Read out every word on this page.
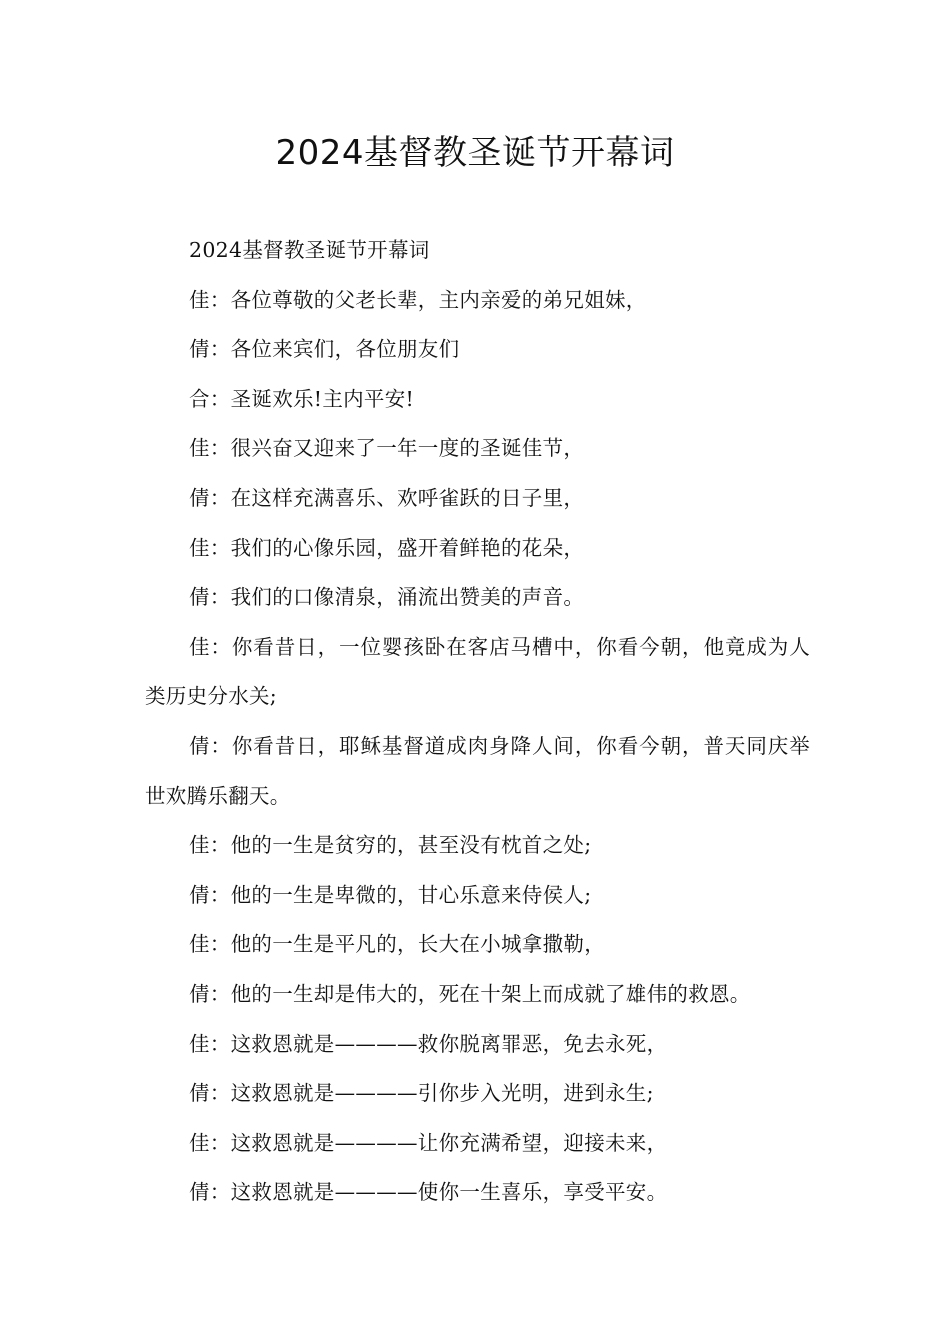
2024基督教圣诞节开幕词

2024基督教圣诞节开幕词

佳：各位尊敬的父老长辈，主内亲爱的弟兄姐妹，

倩：各位来宾们，各位朋友们

合：圣诞欢乐!主内平安!

佳：很兴奋又迎来了一年一度的圣诞佳节，

倩：在这样充满喜乐、欢呼雀跃的日子里，

佳：我们的心像乐园，盛开着鲜艳的花朵，

倩：我们的口像清泉，涌流出赞美的声音。

佳：你看昔日，一位婴孩卧在客店马槽中，你看今朝，他竟成为人类历史分水关;

倩：你看昔日，耶稣基督道成肉身降人间，你看今朝，普天同庆举世欢腾乐翻天。

佳：他的一生是贫穷的，甚至没有枕首之处;

倩：他的一生是卑微的，甘心乐意来侍侯人;

佳：他的一生是平凡的，长大在小城拿撒勒，

倩：他的一生却是伟大的，死在十架上而成就了雄伟的救恩。

佳：这救恩就是————救你脱离罪恶，免去永死，

倩：这救恩就是————引你步入光明，进到永生;

佳：这救恩就是————让你充满希望，迎接未来，

倩：这救恩就是————使你一生喜乐，享受平安。
